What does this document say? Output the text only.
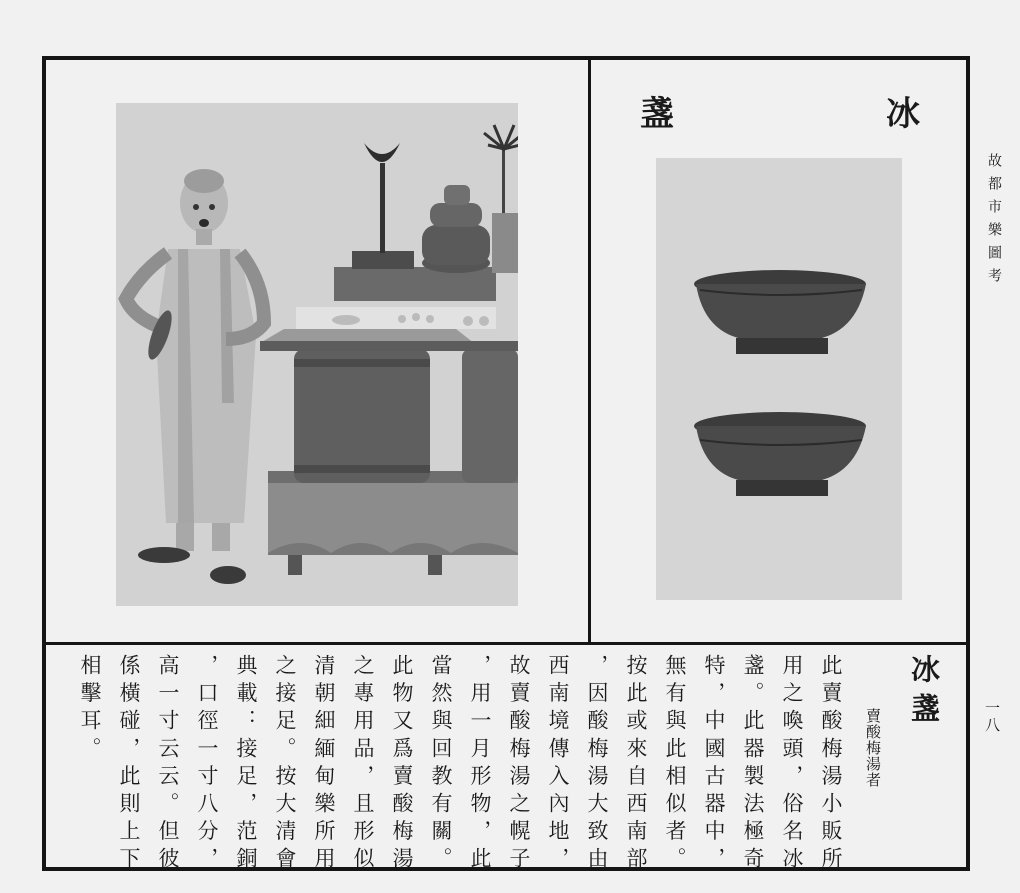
盞	冰
故都市樂圖考
一八
冰盞
賣酸梅湯者
此賣酸梅湯小販所
用之喚頭，俗名冰
盞。此器製法極奇
特，中國古器中，
無有與此相似者。
按此或來自西南部
，因酸梅湯大致由
西南境傳入內地，
故賣酸梅湯之幌子
，用一月形物，此
當然與回教有關。
此物又爲賣酸梅湯
之專用品，且形似
清朝細緬甸樂所用
之接足。按大清會
典載：接足，范銅
，口徑一寸八分，
高一寸云云。但彼
係橫碰，此則上下
相擊耳。
